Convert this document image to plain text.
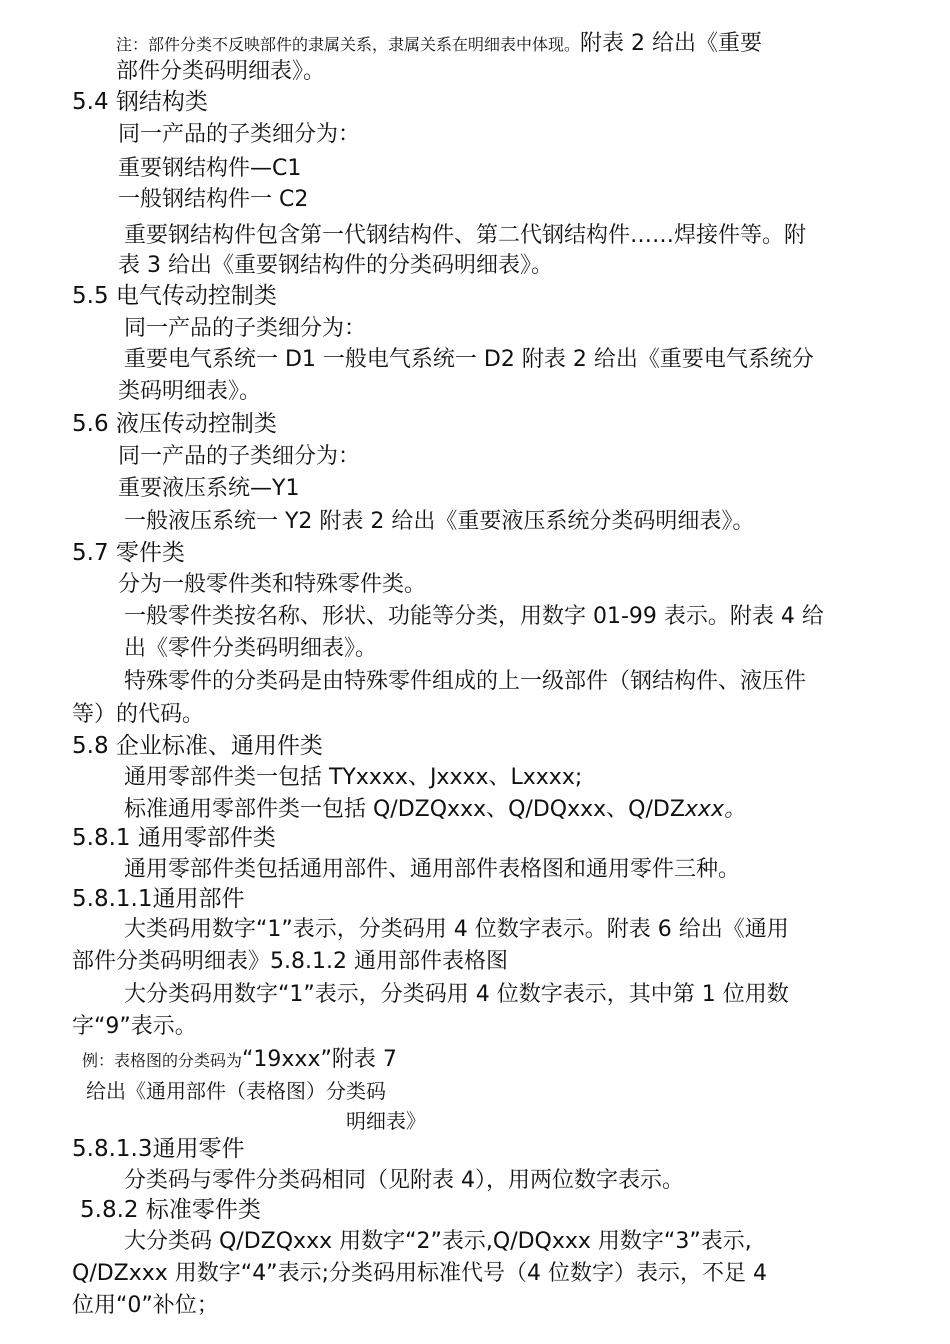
注：部件分类不反映部件的隶属关系，隶属关系在明细表中体现。附表 2 给出《重要
部件分类码明细表》。
5.4 钢结构类
同一产品的子类细分为：
重要钢结构件—C1
一般钢结构件一 C2
重要钢结构件包含第一代钢结构件、第二代钢结构件……焊接件等。附
表 3 给出《重要钢结构件的分类码明细表》。
5.5 电气传动控制类
同一产品的子类细分为：
重要电气系统一 D1 一般电气系统一 D2 附表 2 给出《重要电气系统分
类码明细表》。
5.6 液压传动控制类
同一产品的子类细分为：
重要液压系统—Y1
一般液压系统一 Y2 附表 2 给出《重要液压系统分类码明细表》。
5.7 零件类
分为一般零件类和特殊零件类。
一般零件类按名称、形状、功能等分类，用数字 01-99 表示。附表 4 给
出《零件分类码明细表》。
特殊零件的分类码是由特殊零件组成的上一级部件（钢结构件、液压件
等）的代码。
5.8 企业标准、通用件类
通用零部件类一包括 TYxxxx、Jxxxx、Lxxxx;
标准通用零部件类一包括 Q/DZQxxx、Q/DQxxx、Q/DZxxx。
5.8.1 通用零部件类
通用零部件类包括通用部件、通用部件表格图和通用零件三种。
5.8.1.1通用部件
大类码用数字“1”表示，分类码用 4 位数字表示。附表 6 给出《通用
部件分类码明细表》5.8.1.2 通用部件表格图
大分类码用数字“1”表示，分类码用 4 位数字表示，其中第 1 位用数
字“9”表示。
例：表格图的分类码为“19xxx”附表 7
给出《通用部件（表格图）分类码
明细表》
5.8.1.3通用零件
分类码与零件分类码相同（见附表 4），用两位数字表示。
5.8.2 标准零件类
大分类码 Q/DZQxxx 用数字“2”表示,Q/DQxxx 用数字“3”表示,
Q/DZxxx 用数字“4”表示;分类码用标准代号（4 位数字）表示，不足 4
位用“0”补位；
